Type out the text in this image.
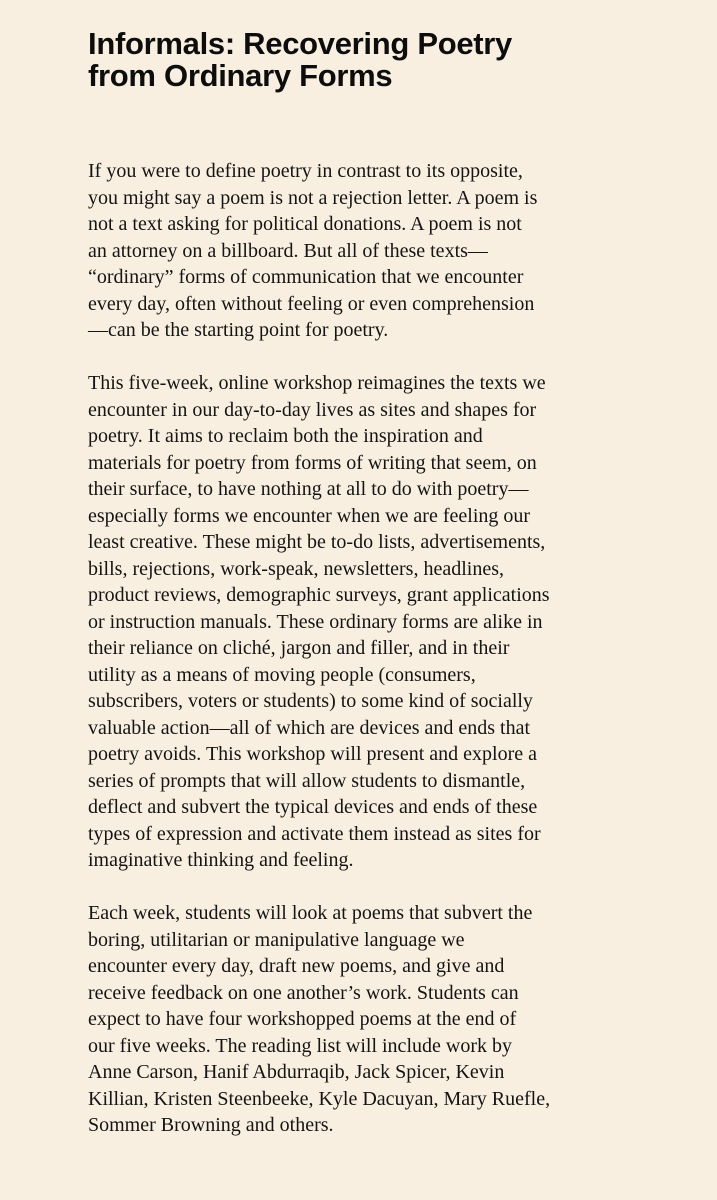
Informals: Recovering Poetry
from Ordinary Forms

If you were to define poetry in contrast to its opposite,
you might say a poem is not a rejection letter. A poem is
not a text asking for political donations. A poem is not
an attorney on a billboard. But all of these texts—
“ordinary” forms of communication that we encounter
every day, often without feeling or even comprehension
—can be the starting point for poetry.

This five-week, online workshop reimagines the texts we
encounter in our day-to-day lives as sites and shapes for
poetry. It aims to reclaim both the inspiration and
materials for poetry from forms of writing that seem, on
their surface, to have nothing at all to do with poetry—
especially forms we encounter when we are feeling our
least creative. These might be to-do lists, advertisements,
bills, rejections, work-speak, newsletters, headlines,
product reviews, demographic surveys, grant applications
or instruction manuals. These ordinary forms are alike in
their reliance on cliché, jargon and filler, and in their
utility as a means of moving people (consumers,
subscribers, voters or students) to some kind of socially
valuable action—all of which are devices and ends that
poetry avoids. This workshop will present and explore a
series of prompts that will allow students to dismantle,
deflect and subvert the typical devices and ends of these
types of expression and activate them instead as sites for
imaginative thinking and feeling.

Each week, students will look at poems that subvert the
boring, utilitarian or manipulative language we
encounter every day, draft new poems, and give and
receive feedback on one another’s work. Students can
expect to have four workshopped poems at the end of
our five weeks. The reading list will include work by
Anne Carson, Hanif Abdurraqib, Jack Spicer, Kevin
Killian, Kristen Steenbeeke, Kyle Dacuyan, Mary Ruefle,
Sommer Browning and others.
